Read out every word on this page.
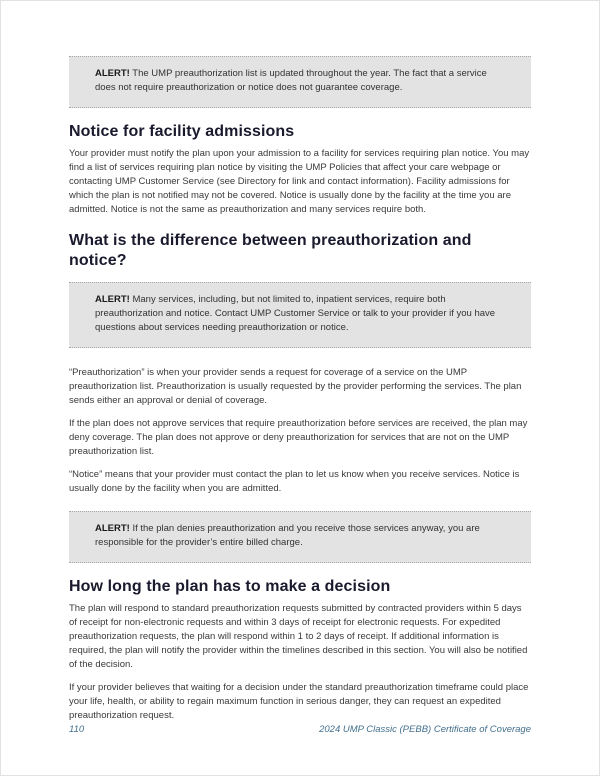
ALERT! The UMP preauthorization list is updated throughout the year. The fact that a service does not require preauthorization or notice does not guarantee coverage.
Notice for facility admissions

Your provider must notify the plan upon your admission to a facility for services requiring plan notice. You may find a list of services requiring plan notice by visiting the UMP Policies that affect your care webpage or contacting UMP Customer Service (see Directory for link and contact information). Facility admissions for which the plan is not notified may not be covered. Notice is usually done by the facility at the time you are admitted. Notice is not the same as preauthorization and many services require both.

What is the difference between preauthorization and notice?
ALERT! Many services, including, but not limited to, inpatient services, require both preauthorization and notice. Contact UMP Customer Service or talk to your provider if you have questions about services needing preauthorization or notice.

“Preauthorization” is when your provider sends a request for coverage of a service on the UMP preauthorization list. Preauthorization is usually requested by the provider performing the services. The plan sends either an approval or denial of coverage.

If the plan does not approve services that require preauthorization before services are received, the plan may deny coverage. The plan does not approve or deny preauthorization for services that are not on the UMP preauthorization list.

“Notice” means that your provider must contact the plan to let us know when you receive services. Notice is usually done by the facility when you are admitted.

ALERT! If the plan denies preauthorization and you receive those services anyway, you are responsible for the provider’s entire billed charge.
How long the plan has to make a decision

The plan will respond to standard preauthorization requests submitted by contracted providers within 5 days of receipt for non-electronic requests and within 3 days of receipt for electronic requests. For expedited preauthorization requests, the plan will respond within 1 to 2 days of receipt. If additional information is required, the plan will notify the provider within the timelines described in this section. You will also be notified of the decision.

If your provider believes that waiting for a decision under the standard preauthorization timeframe could place your life, health, or ability to regain maximum function in serious danger, they can request an expedited preauthorization request.

110	2024 UMP Classic (PEBB) Certificate of Coverage
